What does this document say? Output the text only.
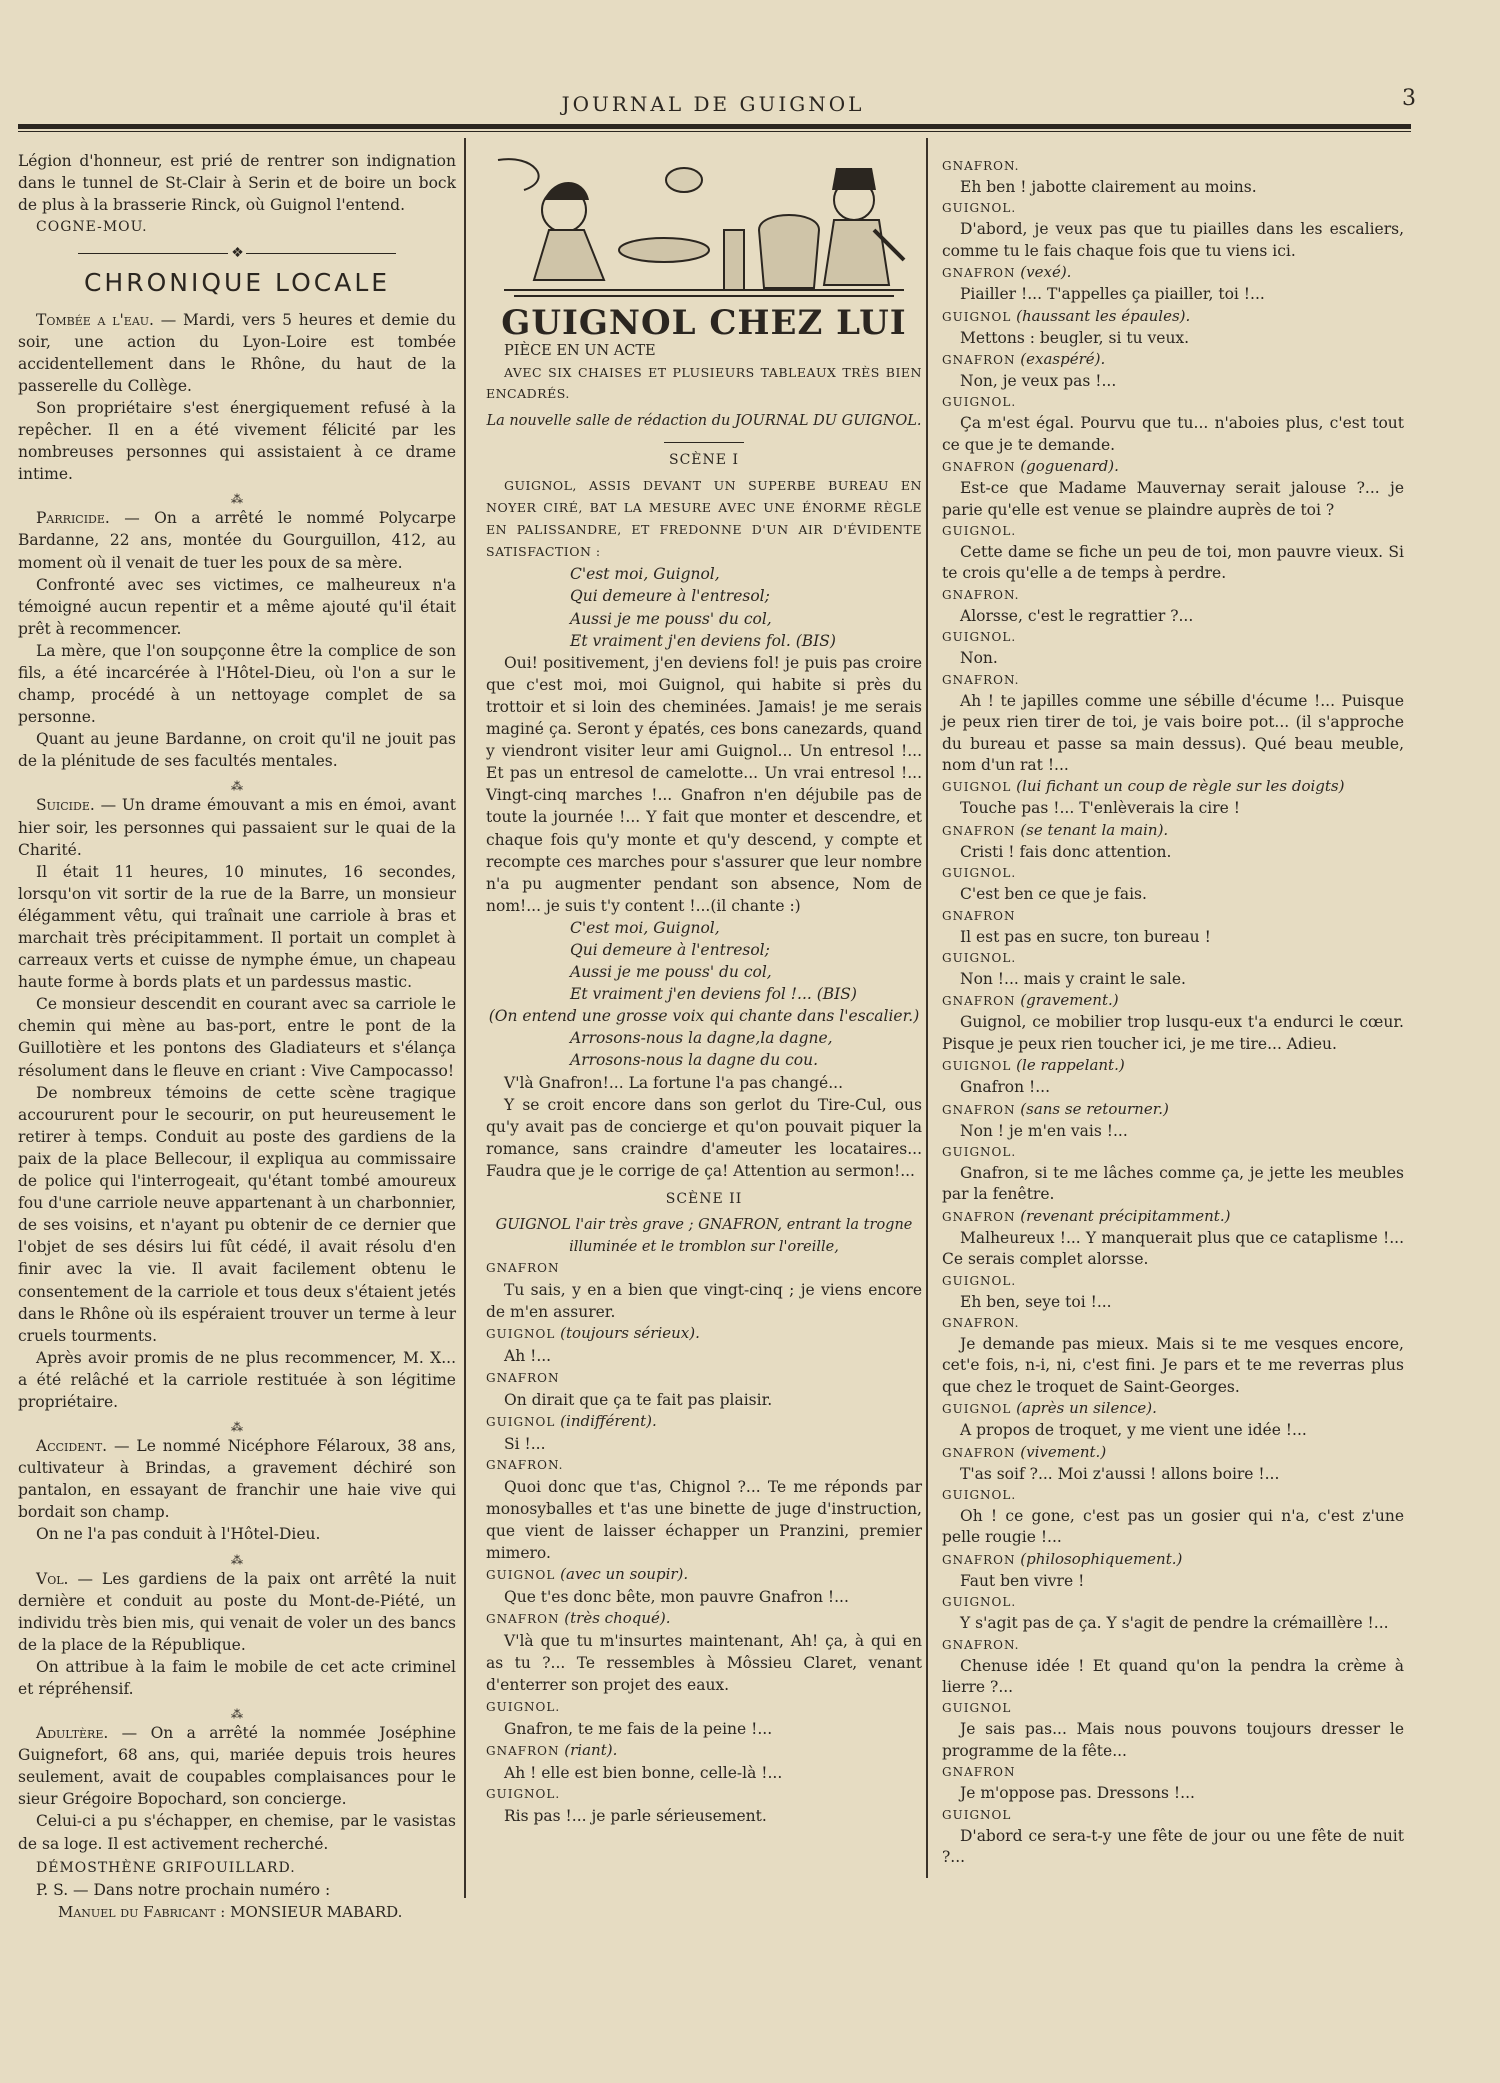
JOURNAL DE GUIGNOL	3

Légion d'honneur, est prié de rentrer son indignation dans le tunnel de St-Clair à Serin et de boire un bock de plus à la brasserie Rinck, où Guignol l'entend.

COGNE-MOU.

❖
CHRONIQUE LOCALE

Tombée a l'eau. — Mardi, vers 5 heures et demie du soir, une action du Lyon-Loire est tombée accidentellement dans le Rhône, du haut de la passerelle du Collège.

Son propriétaire s'est énergiquement refusé à la repêcher. Il en a été vivement félicité par les nombreuses personnes qui assistaient à ce drame intime.

⁂

Parricide. — On a arrêté le nommé Polycarpe Bardanne, 22 ans, montée du Gourguillon, 412, au moment où il venait de tuer les poux de sa mère.

Confronté avec ses victimes, ce malheureux n'a témoigné aucun repentir et a même ajouté qu'il était prêt à recommencer.

La mère, que l'on soupçonne être la complice de son fils, a été incarcérée à l'Hôtel-Dieu, où l'on a sur le champ, procédé à un nettoyage complet de sa personne.

Quant au jeune Bardanne, on croit qu'il ne jouit pas de la plénitude de ses facultés mentales.

⁂

Suicide. — Un drame émouvant a mis en émoi, avant hier soir, les personnes qui passaient sur le quai de la Charité.

Il était 11 heures, 10 minutes, 16 secondes, lorsqu'on vit sortir de la rue de la Barre, un monsieur élégamment vêtu, qui traînait une carriole à bras et marchait très précipitamment. Il portait un complet à carreaux verts et cuisse de nymphe émue, un chapeau haute forme à bords plats et un pardessus mastic.

Ce monsieur descendit en courant avec sa carriole le chemin qui mène au bas-port, entre le pont de la Guillotière et les pontons des Gladiateurs et s'élança résolument dans le fleuve en criant : Vive Campocasso!

De nombreux témoins de cette scène tragique accoururent pour le secourir, on put heureusement le retirer à temps. Conduit au poste des gardiens de la paix de la place Bellecour, il expliqua au commissaire de police qui l'interrogeait, qu'étant tombé amoureux fou d'une carriole neuve appartenant à un charbonnier, de ses voisins, et n'ayant pu obtenir de ce dernier que l'objet de ses désirs lui fût cédé, il avait résolu d'en finir avec la vie. Il avait facilement obtenu le consentement de la carriole et tous deux s'étaient jetés dans le Rhône où ils espéraient trouver un terme à leur cruels tourments.

Après avoir promis de ne plus recommencer, M. X... a été relâché et la carriole restituée à son légitime propriétaire.

⁂

Accident. — Le nommé Nicéphore Félaroux, 38 ans, cultivateur à Brindas, a gravement déchiré son pantalon, en essayant de franchir une haie vive qui bordait son champ.

On ne l'a pas conduit à l'Hôtel-Dieu.

⁂

Vol. — Les gardiens de la paix ont arrêté la nuit dernière et conduit au poste du Mont-de-Piété, un individu très bien mis, qui venait de voler un des bancs de la place de la République.

On attribue à la faim le mobile de cet acte criminel et répréhensif.

⁂

Adultère. — On a arrêté la nommée Joséphine Guignefort, 68 ans, qui, mariée depuis trois heures seulement, avait de coupables complaisances pour le sieur Grégoire Bopochard, son concierge.

Celui-ci a pu s'échapper, en chemise, par le vasistas de sa loge. Il est activement recherché.

DÉMOSTHÈNE GRIFOUILLARD.

P. S. — Dans notre prochain numéro :

Manuel du Fabricant : MONSIEUR MABARD.

GUIGNOL CHEZ LUI

PIÈCE EN UN ACTE

AVEC SIX CHAISES ET PLUSIEURS TABLEAUX TRÈS BIEN ENCADRÉS.

La nouvelle salle de rédaction du JOURNAL DU GUIGNOL.

SCÈNE I

GUIGNOL, ASSIS DEVANT UN SUPERBE BUREAU EN NOYER CIRÉ, BAT LA MESURE AVEC UNE ÉNORME RÈGLE EN PALISSANDRE, ET FREDONNE D'UN AIR D'ÉVIDENTE SATISFACTION :

C'est moi, Guignol,

Qui demeure à l'entresol;

Aussi je me pouss' du col,

Et vraiment j'en deviens fol. (BIS)

Oui! positivement, j'en deviens fol! je puis pas croire que c'est moi, moi Guignol, qui habite si près du trottoir et si loin des cheminées. Jamais! je me serais maginé ça. Seront y épatés, ces bons canezards, quand y viendront visiter leur ami Guignol... Un entresol !... Et pas un entresol de camelotte... Un vrai entresol !... Vingt-cinq marches !... Gnafron n'en déjubile pas de toute la journée !... Y fait que monter et descendre, et chaque fois qu'y monte et qu'y descend, y compte et recompte ces marches pour s'assurer que leur nombre n'a pu augmenter pendant son absence, Nom de nom!... je suis t'y content !...(il chante :)

C'est moi, Guignol,

Qui demeure à l'entresol;

Aussi je me pouss' du col,

Et vraiment j'en deviens fol !... (BIS)

(On entend une grosse voix qui chante dans l'escalier.)

Arrosons-nous la dagne,la dagne,

Arrosons-nous la dagne du cou.

V'là Gnafron!... La fortune l'a pas changé...

Y se croit encore dans son gerlot du Tire-Cul, ous qu'y avait pas de concierge et qu'on pouvait piquer la romance, sans craindre d'ameuter les locataires... Faudra que je le corrige de ça! Attention au sermon!...

SCÈNE II

GUIGNOL l'air très grave ; GNAFRON, entrant la trogne illuminée et le tromblon sur l'oreille,

GNAFRON

Tu sais, y en a bien que vingt-cinq ; je viens encore de m'en assurer.

GUIGNOL (toujours sérieux).

Ah !...

GNAFRON

On dirait que ça te fait pas plaisir.

GUIGNOL (indifférent).

Si !...

GNAFRON.

Quoi donc que t'as, Chignol ?... Te me réponds par monosyballes et t'as une binette de juge d'instruction, que vient de laisser échapper un Pranzini, premier mimero.

GUIGNOL (avec un soupir).

Que t'es donc bête, mon pauvre Gnafron !...

GNAFRON (très choqué).

V'là que tu m'insurtes maintenant, Ah! ça, à qui en as tu ?... Te ressembles à Môssieu Claret, venant d'enterrer son projet des eaux.

GUIGNOL.

Gnafron, te me fais de la peine !...

GNAFRON (riant).

Ah ! elle est bien bonne, celle-là !...

GUIGNOL.

Ris pas !... je parle sérieusement.

GNAFRON.

Eh ben ! jabotte clairement au moins.

GUIGNOL.

D'abord, je veux pas que tu piailles dans les escaliers, comme tu le fais chaque fois que tu viens ici.

GNAFRON (vexé).

Piailler !... T'appelles ça piailler, toi !...

GUIGNOL (haussant les épaules).

Mettons : beugler, si tu veux.

GNAFRON (exaspéré).

Non, je veux pas !...

GUIGNOL.

Ça m'est égal. Pourvu que tu... n'aboies plus, c'est tout ce que je te demande.

GNAFRON (goguenard).

Est-ce que Madame Mauvernay serait jalouse ?... je parie qu'elle est venue se plaindre auprès de toi ?

GUIGNOL.

Cette dame se fiche un peu de toi, mon pauvre vieux. Si te crois qu'elle a de temps à perdre.

GNAFRON.

Alorsse, c'est le regrattier ?...

GUIGNOL.

Non.

GNAFRON.

Ah ! te japilles comme une sébille d'écume !... Puisque je peux rien tirer de toi, je vais boire pot... (il s'approche du bureau et passe sa main dessus). Qué beau meuble, nom d'un rat !...

GUIGNOL (lui fichant un coup de règle sur les doigts)

Touche pas !... T'enlèverais la cire !

GNAFRON (se tenant la main).

Cristi ! fais donc attention.

GUIGNOL.

C'est ben ce que je fais.

GNAFRON

Il est pas en sucre, ton bureau !

GUIGNOL.

Non !... mais y craint le sale.

GNAFRON (gravement.)

Guignol, ce mobilier trop lusqu-eux t'a endurci le cœur. Pisque je peux rien toucher ici, je me tire... Adieu.

GUIGNOL (le rappelant.)

Gnafron !...

GNAFRON (sans se retourner.)

Non ! je m'en vais !...

GUIGNOL.

Gnafron, si te me lâches comme ça, je jette les meubles par la fenêtre.

GNAFRON (revenant précipitamment.)

Malheureux !... Y manquerait plus que ce cataplisme !... Ce serais complet alorsse.

GUIGNOL.

Eh ben, seye toi !...

GNAFRON.

Je demande pas mieux. Mais si te me vesques encore, cet'e fois, n-i, ni, c'est fini. Je pars et te me reverras plus que chez le troquet de Saint-Georges.

GUIGNOL (après un silence).

A propos de troquet, y me vient une idée !...

GNAFRON (vivement.)

T'as soif ?... Moi z'aussi ! allons boire !...

GUIGNOL.

Oh ! ce gone, c'est pas un gosier qui n'a, c'est z'une pelle rougie !...

GNAFRON (philosophiquement.)

Faut ben vivre !

GUIGNOL.

Y s'agit pas de ça. Y s'agit de pendre la crémaillère !...

GNAFRON.

Chenuse idée ! Et quand qu'on la pendra la crème à lierre ?...

GUIGNOL

Je sais pas... Mais nous pouvons toujours dresser le programme de la fête...

GNAFRON

Je m'oppose pas. Dressons !...

GUIGNOL

D'abord ce sera-t-y une fête de jour ou une fête de nuit ?...
